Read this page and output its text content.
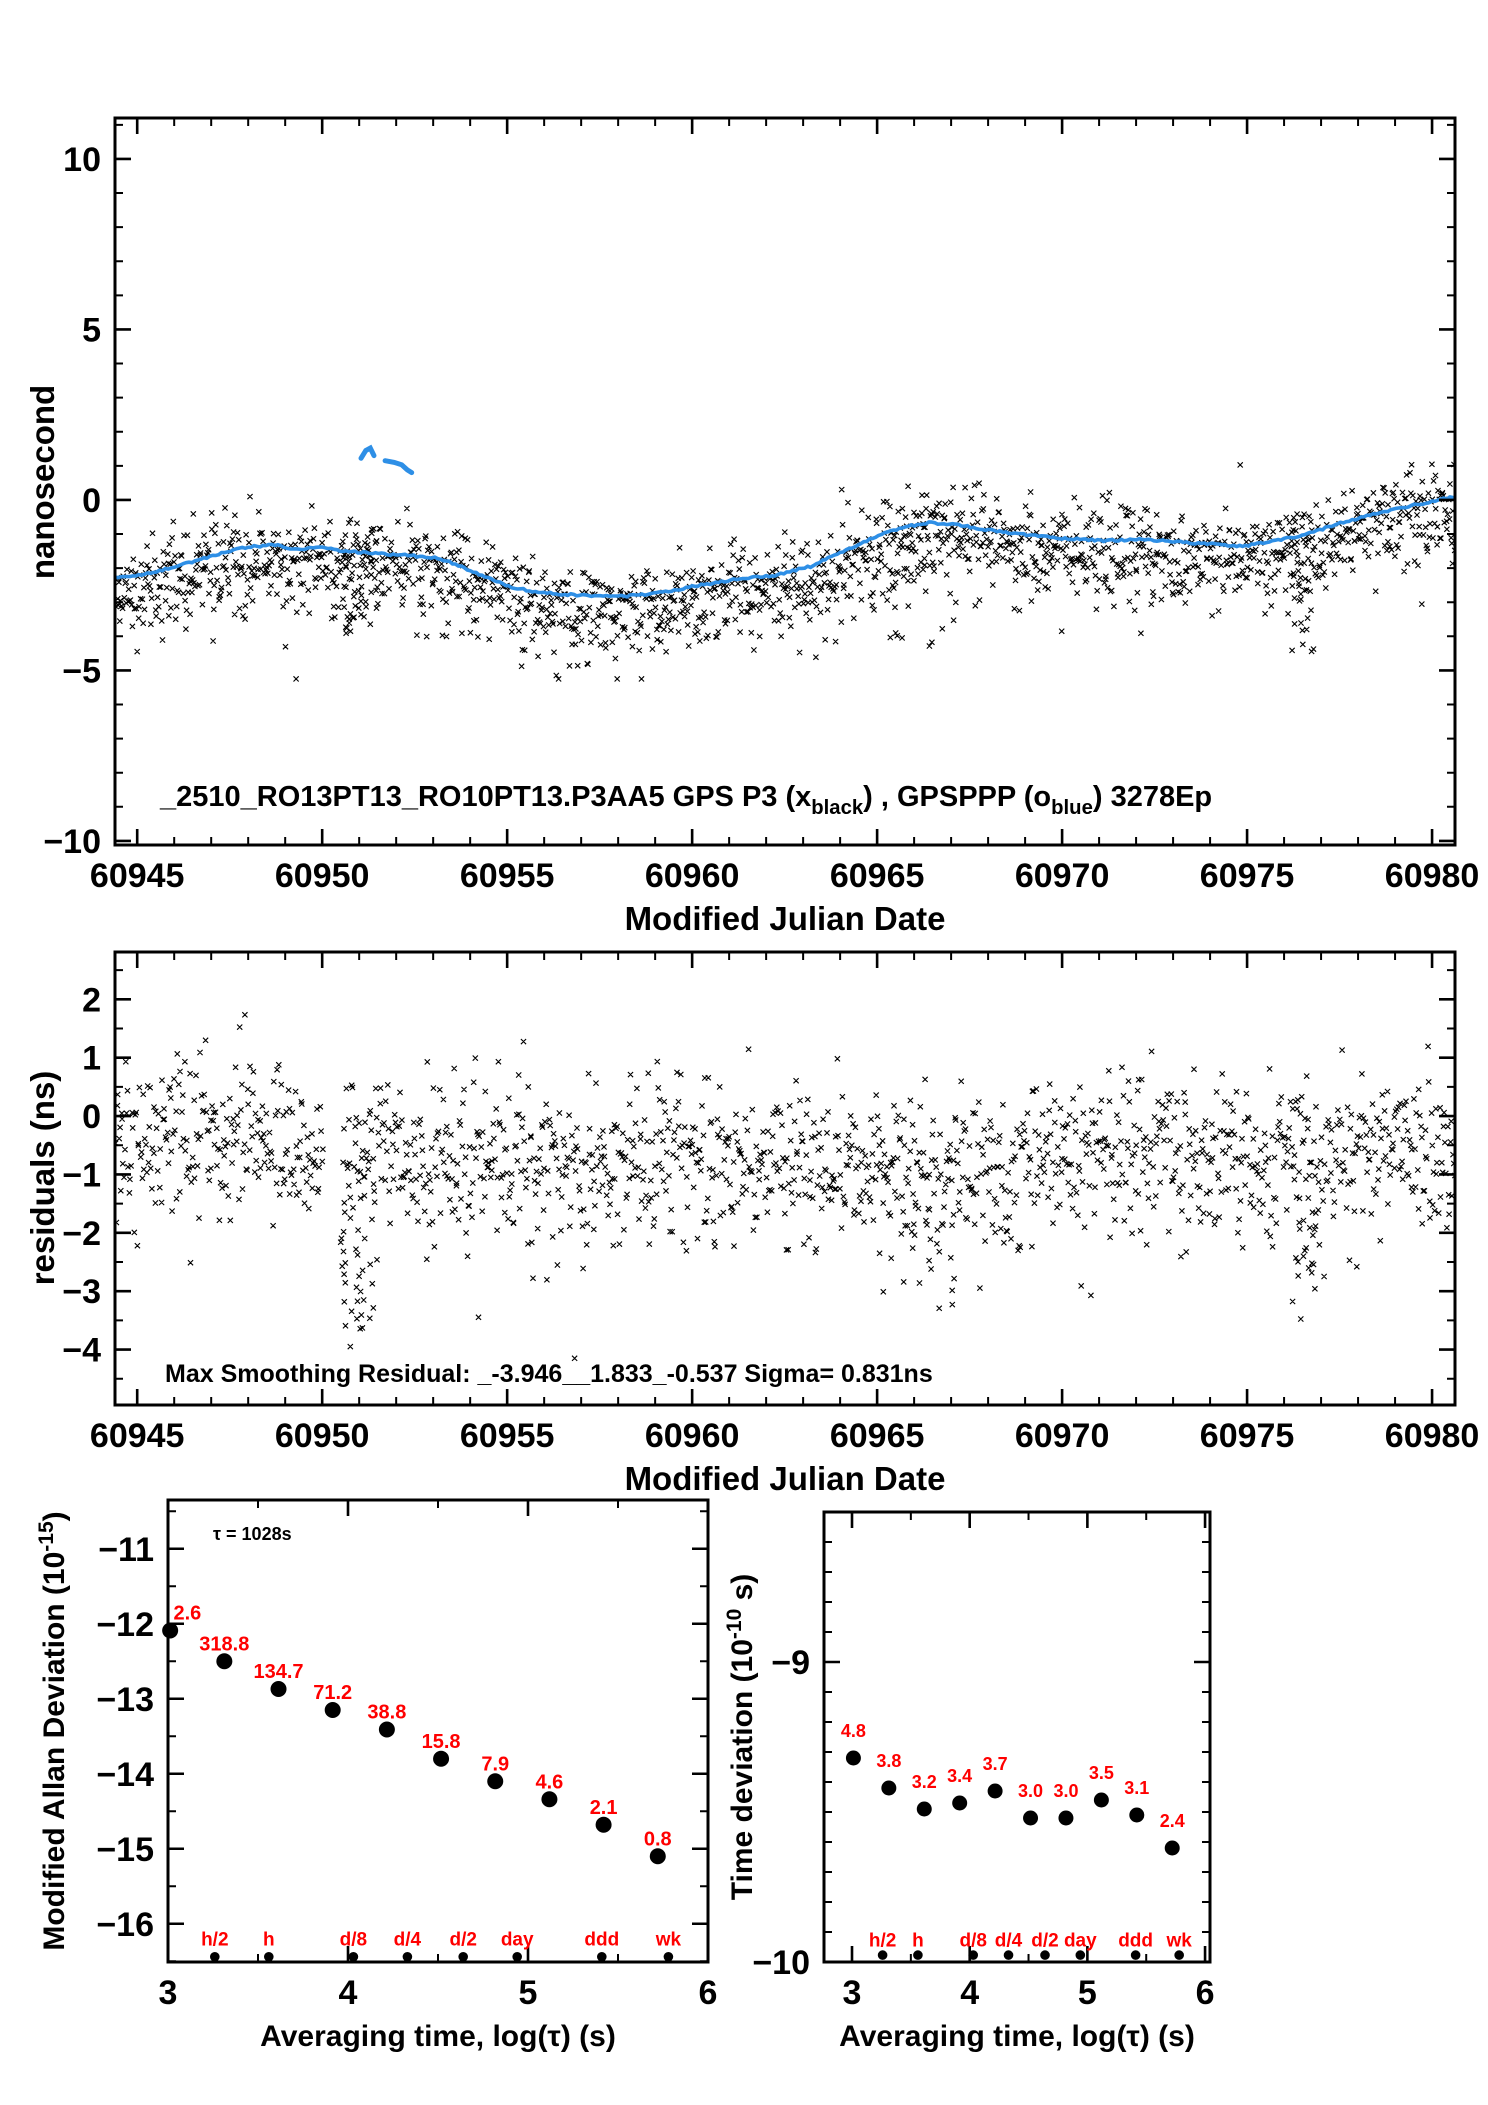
60945	60950	60955	60960	60965	60970	60975	60980
10
5
0
−5
−10
nanosecond
_2510_RO13PT13_RO10PT13.P3AA5 GPS P3 $(x_{black})$ , GPSPPP $(o_{blue})$ 3278Ep
Modified Julian Date
60945	60950	60955	60960	60965	60970	60975	60980
2
1
0
−1
−2
−3
−4
residuals (ns)
Max Smoothing Residual: _-3.946__1.833_-0.537 Sigma= 0.831ns
Modified Julian Date
3	4	5	6
−11
−12
−13
−14
−15
−16
Modified Allan Deviation $(10^{-15})$
τ = 1028s
Averaging time, log(τ) (s)
2.6
318.8
134.7
71.2
38.8
15.8
7.9
4.6
2.1
0.8
h/2 h	d/8 d/4 d/2 day	ddd wk
3	4	5	6
−9
−10
Time deviation ($10^{-10}$ s)
Averaging time, log(τ) (s)
4.8
3.8
3.2 3.4
3.7
3.0 3.0
3.5
3.1
2.4
h/2 h d/8 d/4 d/2 day ddd wk
